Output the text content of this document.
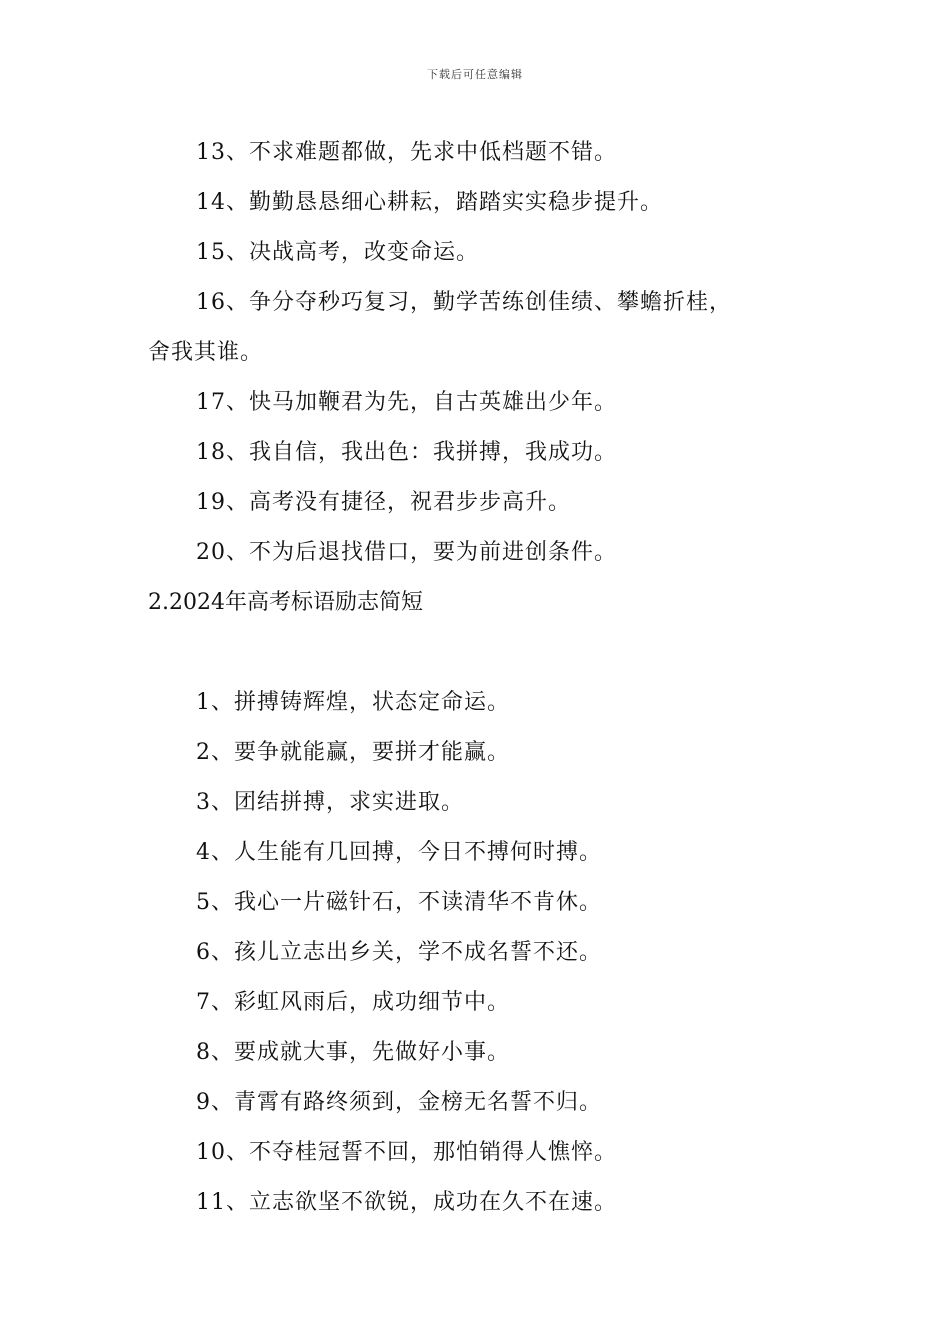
下载后可任意编辑
13、不求难题都做，先求中低档题不错。
14、勤勤恳恳细心耕耘，踏踏实实稳步提升。
15、决战高考，改变命运。
16、争分夺秒巧复习，勤学苦练创佳绩、攀蟾折桂，
舍我其谁。
17、快马加鞭君为先，自古英雄出少年。
18、我自信，我出色：我拼搏，我成功。
19、高考没有捷径，祝君步步高升。
20、不为后退找借口，要为前进创条件。
2.2024年高考标语励志简短
1、拼搏铸辉煌，状态定命运。
2、要争就能赢，要拼才能赢。
3、团结拼搏，求实进取。
4、人生能有几回搏，今日不搏何时搏。
5、我心一片磁针石，不读清华不肯休。
6、孩儿立志出乡关，学不成名誓不还。
7、彩虹风雨后，成功细节中。
8、要成就大事，先做好小事。
9、青霄有路终须到，金榜无名誓不归。
10、不夺桂冠誓不回，那怕销得人憔悴。
11、立志欲坚不欲锐，成功在久不在速。
